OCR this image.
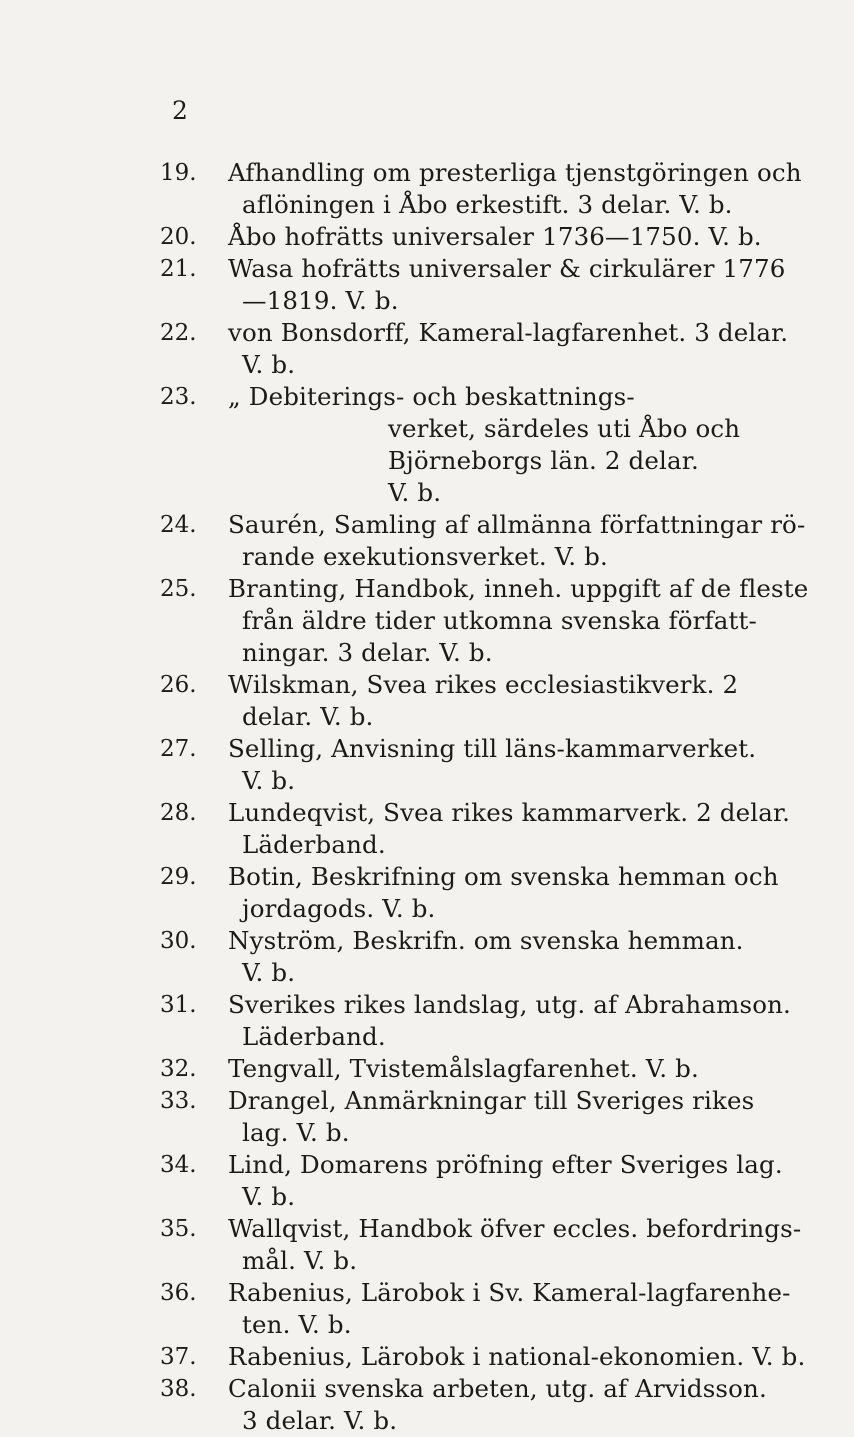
2
19.	Afhandling om presterliga tjenstgöringen och
aflöningen i Åbo erkestift. 3 delar. V. b.
20.	Åbo hofrätts universaler 1736—1750. V. b.
21.	Wasa hofrätts universaler & cirkulärer 1776
—1819. V. b.
22.	von Bonsdorff, Kameral-lagfarenhet. 3 delar.
V. b.
23.	„ Debiterings- och beskattnings-
verket, särdeles uti Åbo och
Björneborgs län. 2 delar.
V. b.
24.	Saurén, Samling af allmänna författningar rö-
rande exekutionsverket. V. b.
25.	Branting, Handbok, inneh. uppgift af de fleste
från äldre tider utkomna svenska författ-
ningar. 3 delar. V. b.
26.	Wilskman, Svea rikes ecclesiastikverk. 2
delar. V. b.
27.	Selling, Anvisning till läns-kammarverket.
V. b.
28.	Lundeqvist, Svea rikes kammarverk. 2 delar.
Läderband.
29.	Botin, Beskrifning om svenska hemman och
jordagods. V. b.
30.	Nyström, Beskrifn. om svenska hemman.
V. b.
31.	Sverikes rikes landslag, utg. af Abrahamson.
Läderband.
32.	Tengvall, Tvistemålslagfarenhet. V. b.
33.	Drangel, Anmärkningar till Sveriges rikes
lag. V. b.
34.	Lind, Domarens pröfning efter Sveriges lag.
V. b.
35.	Wallqvist, Handbok öfver eccles. befordrings-
mål. V. b.
36.	Rabenius, Lärobok i Sv. Kameral-lagfarenhe-
ten. V. b.
37.	Rabenius, Lärobok i national-ekonomien. V. b.
38.	Calonii svenska arbeten, utg. af Arvidsson.
3 delar. V. b.
